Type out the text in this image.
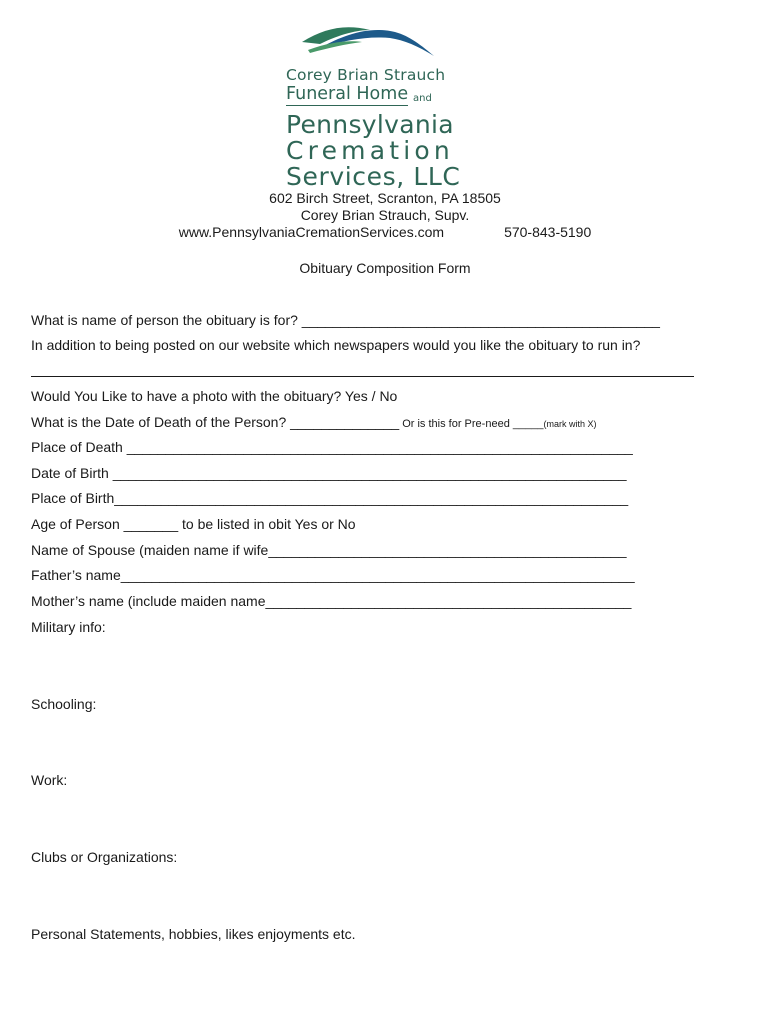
Corey Brian Strauch
Funeral Home and
Pennsylvania
Cremation
Services, LLC
602 Birch Street, Scranton, PA 18505
Corey Brian Strauch, Supv.
www.PennsylvaniaCremationServices.com	570-843-5190
Obituary Composition Form
What is name of person the obituary is for? ______________________________________________
In addition to being posted on our website which newspapers would you like the obituary to run in?
Would You Like to have a photo with the obituary? Yes / No
What is the Date of Death of the Person? ______________ Or is this for Pre-need _____(mark with X)
Place of Death _________________________________________________________________
Date of Birth __________________________________________________________________
Place of Birth__________________________________________________________________
Age of Person _______ to be listed in obit Yes or No
Name of Spouse (maiden name if wife______________________________________________
Father’s name__________________________________________________________________
Mother’s name (include maiden name_______________________________________________
Military info:
Schooling:
Work:
Clubs or Organizations:
Personal Statements, hobbies, likes enjoyments etc.
